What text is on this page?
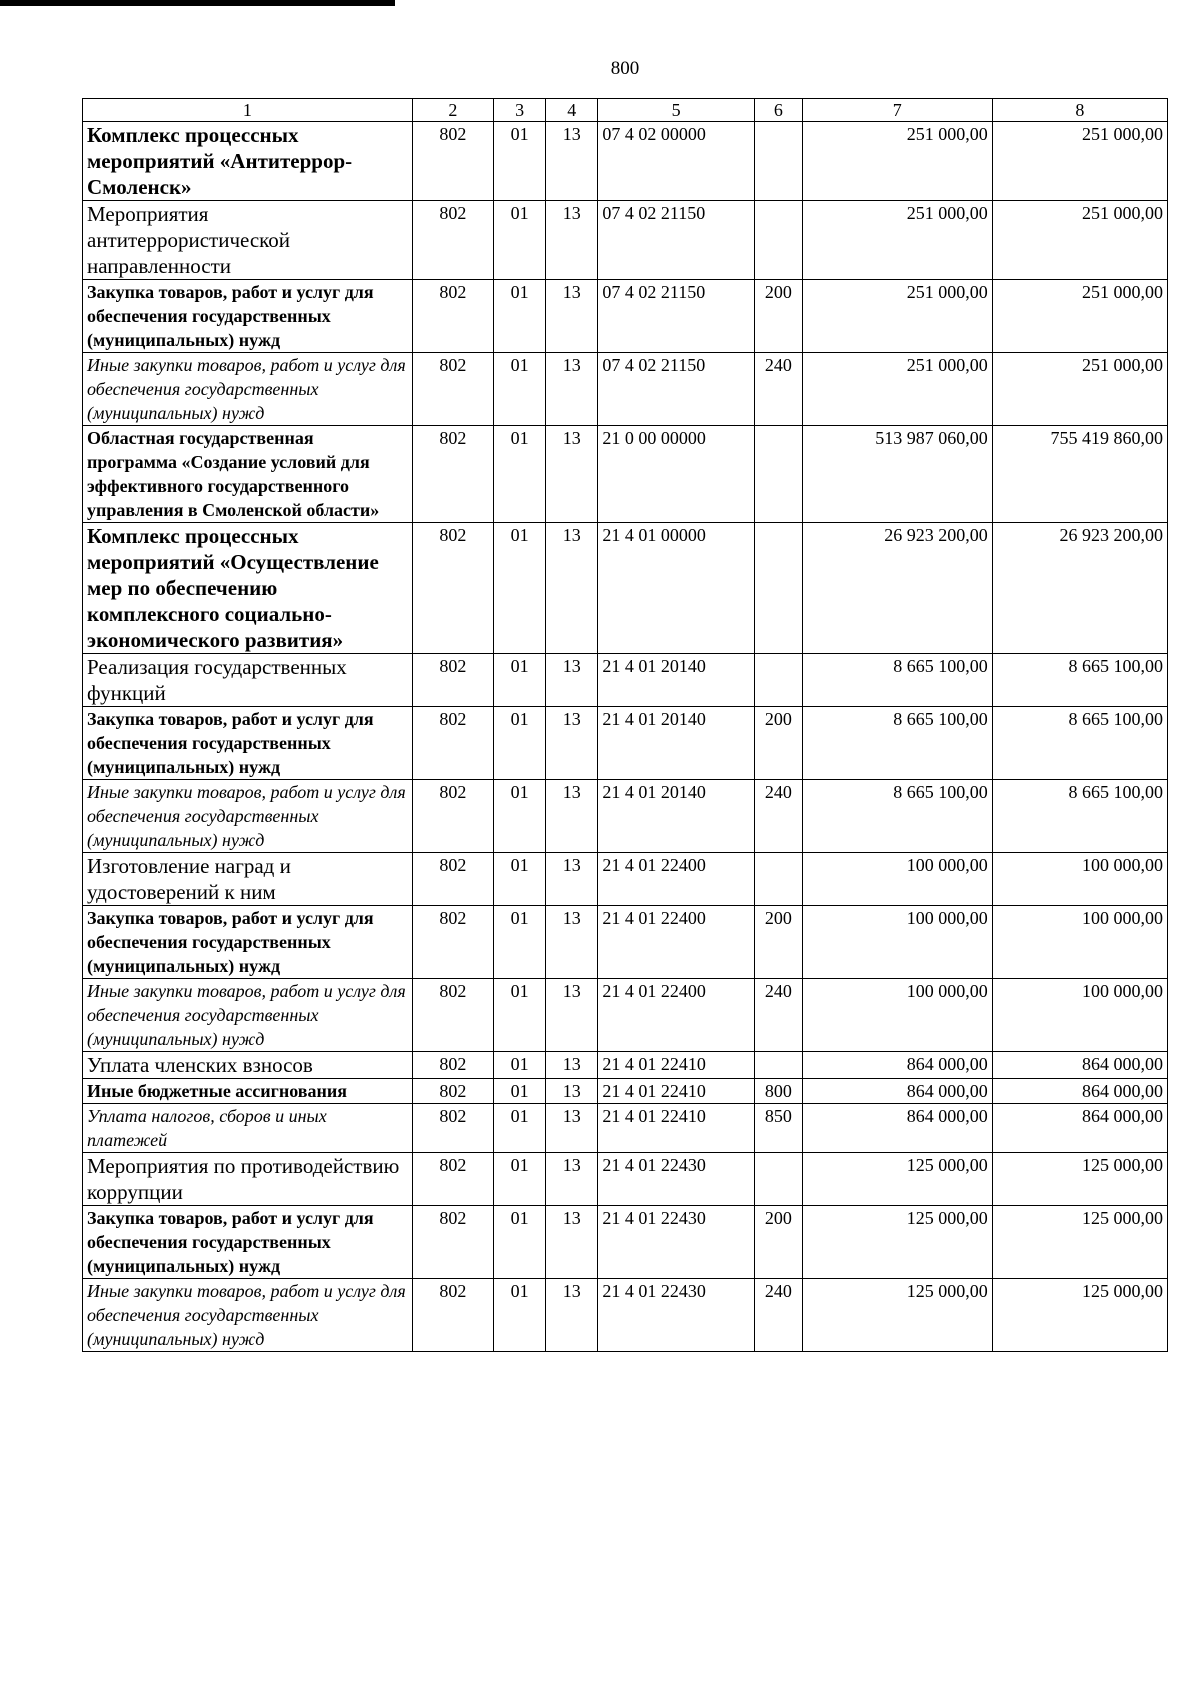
800
1	2	3	4	5	6	7	8
Комплекс процессных мероприятий «Антитеррор-Смоленск»	802	01	13	07 4 02 00000		251 000,00	251 000,00
Мероприятия антитеррористической направленности	802	01	13	07 4 02 21150		251 000,00	251 000,00
Закупка товаров, работ и услуг для обеспечения государственных (муниципальных) нужд	802	01	13	07 4 02 21150	200	251 000,00	251 000,00
Иные закупки товаров, работ и услуг для обеспечения государственных (муниципальных) нужд	802	01	13	07 4 02 21150	240	251 000,00	251 000,00
Областная государственная программа «Создание условий для эффективного государственного управления в Смоленской области»	802	01	13	21 0 00 00000		513 987 060,00	755 419 860,00
Комплекс процессных мероприятий «Осуществление мер по обеспечению комплексного социально-экономического развития»	802	01	13	21 4 01 00000		26 923 200,00	26 923 200,00
Реализация государственных функций	802	01	13	21 4 01 20140		8 665 100,00	8 665 100,00
Закупка товаров, работ и услуг для обеспечения государственных (муниципальных) нужд	802	01	13	21 4 01 20140	200	8 665 100,00	8 665 100,00
Иные закупки товаров, работ и услуг для обеспечения государственных (муниципальных) нужд	802	01	13	21 4 01 20140	240	8 665 100,00	8 665 100,00
Изготовление наград и удостоверений к ним	802	01	13	21 4 01 22400		100 000,00	100 000,00
Закупка товаров, работ и услуг для обеспечения государственных (муниципальных) нужд	802	01	13	21 4 01 22400	200	100 000,00	100 000,00
Иные закупки товаров, работ и услуг для обеспечения государственных (муниципальных) нужд	802	01	13	21 4 01 22400	240	100 000,00	100 000,00
Уплата членских взносов	802	01	13	21 4 01 22410		864 000,00	864 000,00
Иные бюджетные ассигнования	802	01	13	21 4 01 22410	800	864 000,00	864 000,00
Уплата налогов, сборов и иных платежей	802	01	13	21 4 01 22410	850	864 000,00	864 000,00
Мероприятия по противодействию коррупции	802	01	13	21 4 01 22430		125 000,00	125 000,00
Закупка товаров, работ и услуг для обеспечения государственных (муниципальных) нужд	802	01	13	21 4 01 22430	200	125 000,00	125 000,00
Иные закупки товаров, работ и услуг для обеспечения государственных (муниципальных) нужд	802	01	13	21 4 01 22430	240	125 000,00	125 000,00
